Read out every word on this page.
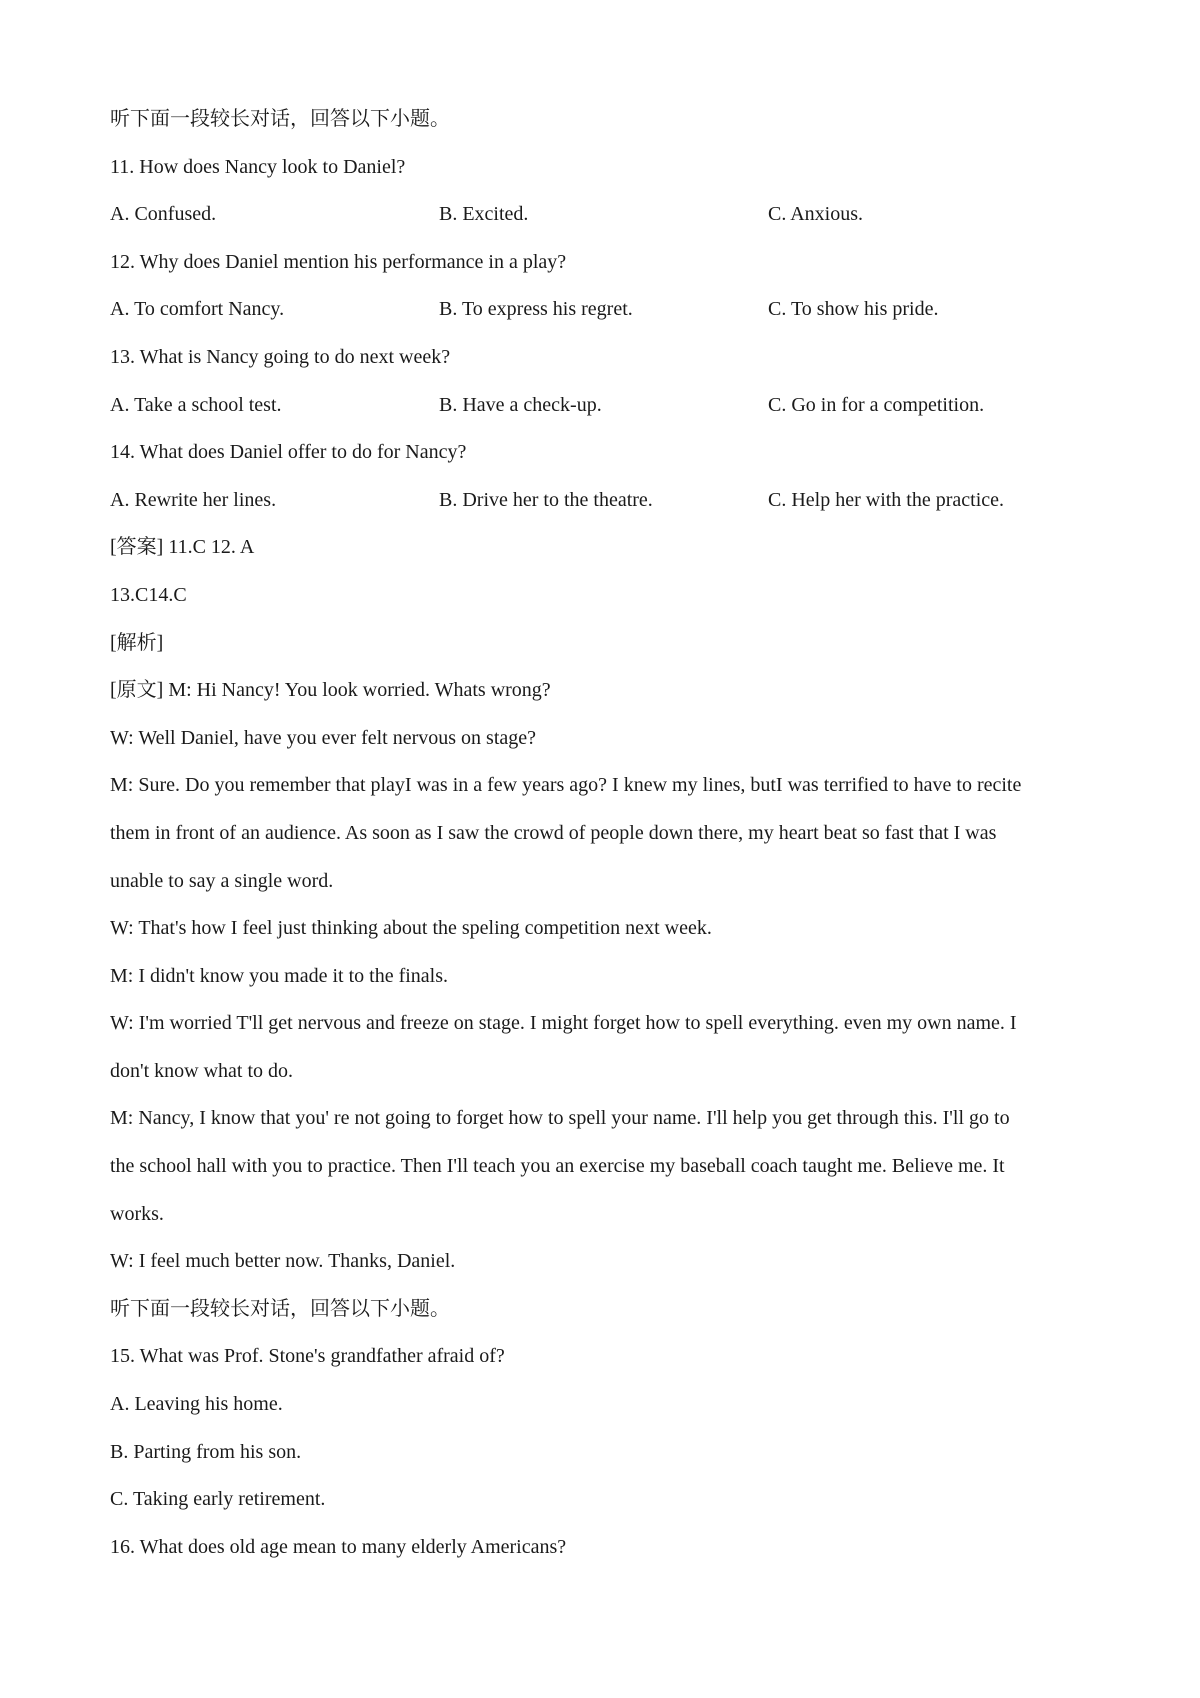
听下面一段较长对话，回答以下小题。
11. How does Nancy look to Daniel?
A. Confused.	B. Excited.	C. Anxious.
12. Why does Daniel mention his performance in a play?
A. To comfort Nancy.	B. To express his regret.	C. To show his pride.
13. What is Nancy going to do next week?
A. Take a school test.	B. Have a check-up.	C. Go in for a competition.
14. What does Daniel offer to do for Nancy?
A. Rewrite her lines.	B. Drive her to the theatre.	C. Help her with the practice.
[答案] 11.C 12. A
13.C14.C
[解析]
[原文] M: Hi Nancy! You look worried. Whats wrong?
W: Well Daniel, have you ever felt nervous on stage?
M: Sure. Do you remember that playI was in a few years ago? I knew my lines, butI was terrified to have to recite
them in front of an audience. As soon as I saw the crowd of people down there, my heart beat so fast that I was
unable to say a single word.
W: That's how I feel just thinking about the speling competition next week.
M: I didn't know you made it to the finals.
W: I'm worried T'll get nervous and freeze on stage. I might forget how to spell everything. even my own name. I
don't know what to do.
M: Nancy, I know that you' re not going to forget how to spell your name. I'll help you get through this. I'll go to
the school hall with you to practice. Then I'll teach you an exercise my baseball coach taught me. Believe me. It
works.
W: I feel much better now. Thanks, Daniel.
听下面一段较长对话，回答以下小题。
15. What was Prof. Stone's grandfather afraid of?
A. Leaving his home.
B. Parting from his son.
C. Taking early retirement.
16. What does old age mean to many elderly Americans?
